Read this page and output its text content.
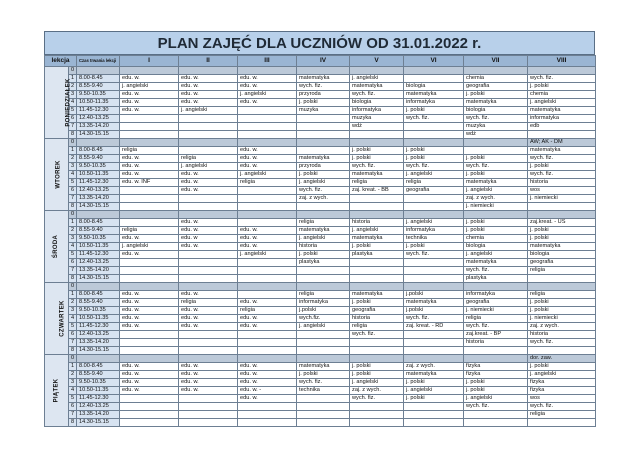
PLAN ZAJĘĆ DLA UCZNIÓW OD 31.01.2022 r.
lekcja		Czas trwania lekcji	I	II	III	IV	V	VI	VII	VIII
PONIEDZIAŁEK	0									
	1	8.00-8.45	edu. w.	edu. w.	edu. w.	matematyka	j. angielski		chemia	wych. fiz.
	2	8.55-9.40	j. angielski	edu. w.	edu. w.	wych. fiz.	matematyka	biologia	geografia	j. polski
	3	9.50-10.35	edu. w.	edu. w.	j. angielski	przyroda	wych. fiz.	matematyka	j. polski	chemia
	4	10.50-11.35	edu. w.	edu. w.	edu. w.	j. polski	biologia	informatyka	matematyka	j. angielski
	5	11.45-12.30	edu. w.	j. angielski		muzyka	informatyka	j. polski	biologia	matematyka
	6	12.40-13.25					muzyka	wych. fiz.	wych. fiz.	informatyka
	7	13.35-14.20					wdż		muzyka	edb
	8	14.30-15.15							wdż	
WTOREK	0									AW; AK - DM
	1	8.00-8.45	religia		edu. w.		j. polski	j. polski		matematyka
	2	8.55-9.40	edu. w.	religia	edu. w.	matematyka	j. polski	j. polski	j. polski	wych. fiz.
	3	9.50-10.35	edu. w.	j. angielski	edu. w.	przyroda	wych. fiz.	wych. fiz.	wych. fiz.	j. polski
	4	10.50-11.35	edu. w.	edu. w.	j. angielski	j. polski	matematyka	j. angielski	j. polski	wych. fiz.
	5	11.45-12.30	edu. w. INF	edu. w.	religia	j. angielski	religia	religia	matematyka	historia
	6	12.40-13.25		edu. w.		wych. fiz.	zaj. kreat. - BB	geografia	j. angielski	wos
	7	13.35-14.20				zaj. z wych.			zaj. z wych.	j. niemiecki
	8	14.30-15.15							j. niemiecki	
ŚRODA	0									
	1	8.00-8.45		edu. w.		religia	historia	j. angielski	j. polski	zaj.kreat. - US
	2	8.55-9.40	religia	edu. w.	edu. w.	matematyka	j. angielski	informatyka	j. polski	j. polski
	3	9.50-10.35	edu. w.	edu. w	edu. w.	j. angielski	matematyka	technika	chemia	j. polski
	4	10.50-11.35	j. angielski	edu. w.	edu. w.	historia	j. polski	j. polski	biologia	matematyka
	5	11.45-12.30	edu. w.		j. angielski	j. polski	plastyka	wych. fiz.	j. angielski	biologia
	6	12.40-13.25				plastyka			matematyka	geografia
	7	13.35-14.20							wych. fiz.	religia
	8	14.30-15.15							plastyka	
CZWARTEK	0									
	1	8.00-8.45	edu. w.	edu. w.		religia	matematyka	j.polski	informatyka	religia
	2	8.55-9.40	edu. w.	religia	edu. w.	informatyka	j. polski	matematyka	geografia	j. polski
	3	9.50-10.35	edu. w.	edu. w.	religia	j.polski	geografia	j.polski	j. niemiecki	j. polski
	4	10.50-11.35	edu. w.	edu. w.	edu. w.	wych.fiz.	historia	wych. fiz.	religia	j. niemiecki
	5	11.45-12.30	edu. w.	edu. w.	edu. w.	j. angielski	religia	zaj. kreat. - RD	wych. fiz.	zaj. z wych.
	6	12.40-13.25					wych. fiz.		zaj.kreat. - BP	historia
	7	13.35-14.20							historia	wych. fiz.
	8	14.30-15.15								
PIĄTEK	0									dor. zaw.
	1	8.00-8.45	edu. w.	edu. w.	edu. w.	matematyka	j. polski	zaj. z wych.	fizyka	j. polski
	2	8.55-9.40	edu. w.	edu. w.	edu. w.	j. polski	j. polski	matematyka	fizyka	j. angielski
	3	9.50-10.35	edu. w.	edu. w.	edu. w.	wych. fiz.	j. angielski	j. polski	j. polski	fizyka
	4	10.50-11.35	edu. w.	edu. w.	edu. w. -	technika	zaj. z wych.	j. angielski	j. polski	fizyka
	5	11.45-12.30			edu. w.		wych. fiz.	j. polski	j. angielski	wos
	6	12.40-13.25							wych. fiz.	wych. fiz.
	7	13.35-14.20								religia
	8	14.30-15.15								
